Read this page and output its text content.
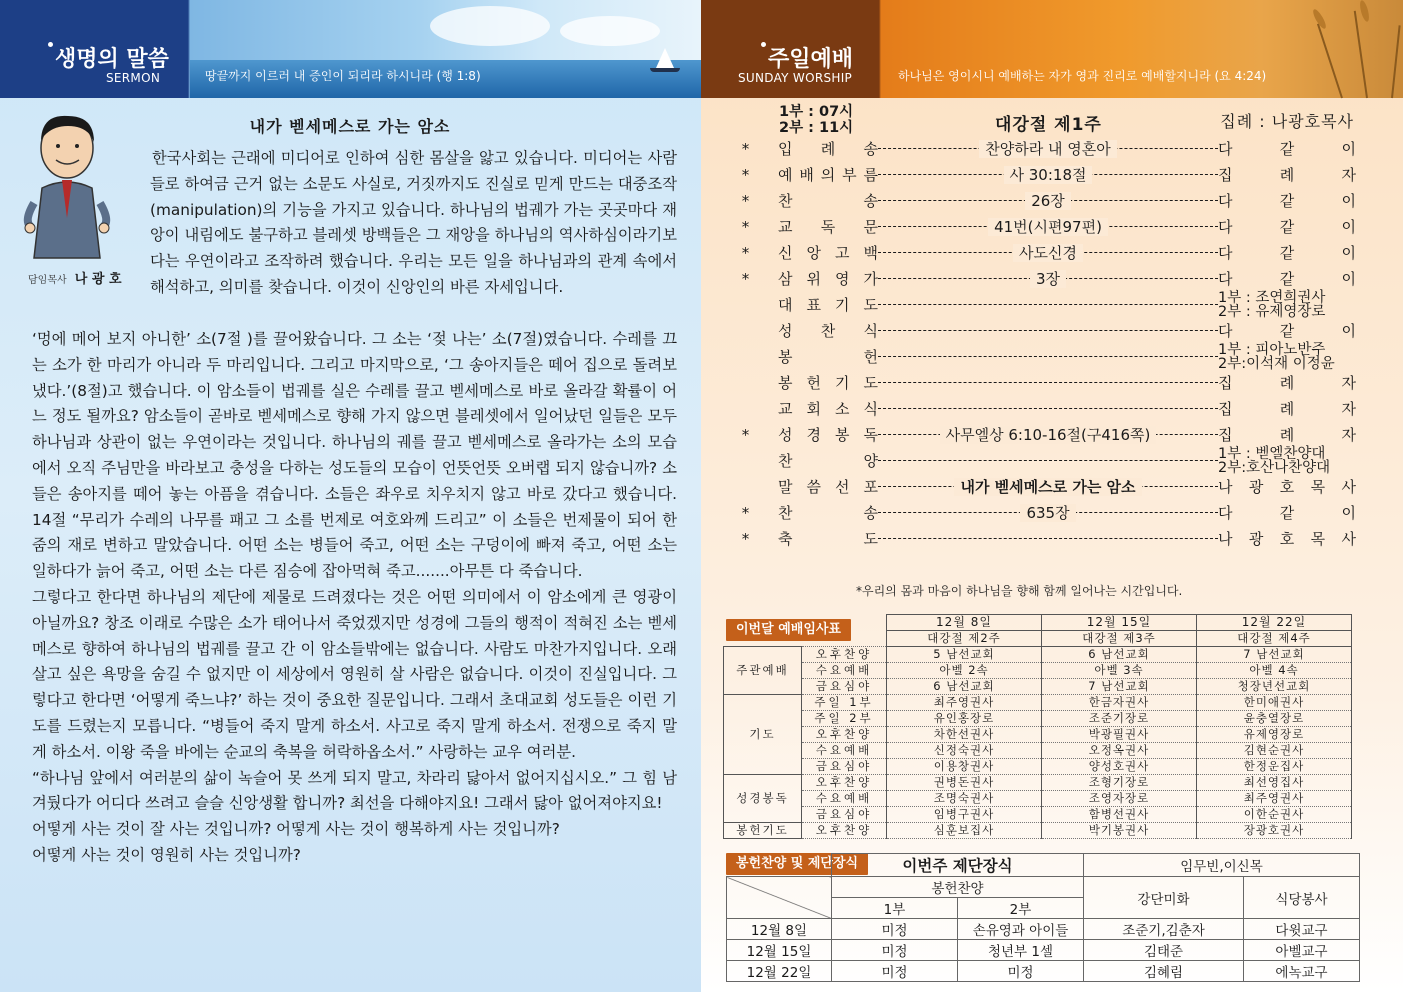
생명의 말씀
SERMON	땅끝까지 이르러 내 증인이 되리라 하시니라 (행 1:8)
담임목사 나 광 호
내가 벧세메스로 가는 암소

한국사회는 근래에 미디어로 인하여 심한 몸살을 앓고 있습니다. 미디어는 사람들로 하여금 근거 없는 소문도 사실로, 거짓까지도 진실로 믿게 만드는 대중조작(manipulation)의 기능을 가지고 있습니다. 하나님의 법궤가 가는 곳곳마다 재앙이 내림에도 불구하고 블레셋 방백들은 그 재앙을 하나님의 역사하심이라기보다는 우연이라고 조작하려 했습니다. 우리는 모든 일을 하나님과의 관계 속에서 해석하고, 의미를 찾습니다. 이것이 신앙인의 바른 자세입니다.

‘멍에 메어 보지 아니한’ 소(7절 )를 끌어왔습니다. 그 소는 ‘젖 나는’ 소(7절)였습니다. 수레를 끄는 소가 한 마리가 아니라 두 마리입니다. 그리고 마지막으로, ‘그 송아지들은 떼어 집으로 돌려보냈다.’(8절)고 했습니다. 이 암소들이 법궤를 실은 수레를 끌고 벧세메스로 바로 올라갈 확률이 어느 정도 될까요? 암소들이 곧바로 벧세메스로 향해 가지 않으면 블레셋에서 일어났던 일들은 모두 하나님과 상관이 없는 우연이라는 것입니다. 하나님의 궤를 끌고 벧세메스로 올라가는 소의 모습에서 오직 주님만을 바라보고 충성을 다하는 성도들의 모습이 언뜻언뜻 오버랩 되지 않습니까? 소들은 송아지를 떼어 놓는 아픔을 겪습니다. 소들은 좌우로 치우치지 않고 바로 갔다고 했습니다. 14절 “무리가 수레의 나무를 패고 그 소를 번제로 여호와께 드리고” 이 소들은 번제물이 되어 한줌의 재로 변하고 말았습니다. 어떤 소는 병들어 죽고, 어떤 소는 구덩이에 빠져 죽고, 어떤 소는 일하다가 늙어 죽고, 어떤 소는 다른 짐승에 잡아먹혀 죽고.......아무튼 다 죽습니다.

그렇다고 한다면 하나님의 제단에 제물로 드려졌다는 것은 어떤 의미에서 이 암소에게 큰 영광이 아닐까요? 창조 이래로 수많은 소가 태어나서 죽었겠지만 성경에 그들의 행적이 적혀진 소는 벧세메스로 향하여 하나님의 법궤를 끌고 간 이 암소들밖에는 없습니다. 사람도 마찬가지입니다. 오래살고 싶은 욕망을 숨길 수 없지만 이 세상에서 영원히 살 사람은 없습니다. 이것이 진실입니다. 그렇다고 한다면 ‘어떻게 죽느냐?’ 하는 것이 중요한 질문입니다. 그래서 초대교회 성도들은 이런 기도를 드렸는지 모릅니다. “병들어 죽지 말게 하소서. 사고로 죽지 말게 하소서. 전쟁으로 죽지 말게 하소서. 이왕 죽을 바에는 순교의 축복을 허락하옵소서.” 사랑하는 교우 여러분.

“하나님 앞에서 여러분의 삶이 녹슬어 못 쓰게 되지 말고, 차라리 닳아서 없어지십시오.” 그 힘 남겨뒀다가 어디다 쓰려고 슬슬 신앙생활 합니까? 최선을 다해야지요! 그래서 닳아 없어져야지요!

어떻게 사는 것이 잘 사는 것입니까? 어떻게 사는 것이 행복하게 사는 것입니까?

어떻게 사는 것이 영원히 사는 것입니까?

주일예배
SUNDAY WORSHIP	하나님은 영이시니 예배하는 자가 영과 진리로 예배할지니라 (요 4:24)
1부 : 07시
2부 : 11시	대강절 제1주	집례 : 나광호목사
* 입 례 송	찬양하라 내 영혼아	다	같	이
* 예 배 의 부 름	사 30:18절	집	례	자
* 찬	송	26장	다	같	이
* 교 독 문	41번(시편97편)	다	같	이
* 신 앙 고 백	사도신경	다	같	이
* 삼 위 영 가	3장	다	같	이
대 표 기 도	1부 : 조연희권사
2부 : 유제영장로
성 찬 식	다	같	이
봉	헌	1부 : 피아노반주
2부:이석재 이정윤
봉 헌 기 도	집	례	자
교 회 소 식	집	례	자
* 성 경 봉 독	사무엘상 6:10-16절(구416쪽)	집	례	자
찬	양	1부 : 벧엘찬양대
2부:호산나찬양대
말 씀 선 포	내가 벧세메스로 가는 암소	나 광 호 목 사
* 찬	송	635장	다	같	이
* 축	도	나 광 호 목 사
*우리의 몸과 마음이 하나님을 향해 함께 일어나는 시간입니다.
이번달 예배임사표
		12월 8일	12월 15일	12월 22일
		대강절 제2주	대강절 제3주	대강절 제4주
주관예배	오후찬양	5 남선교회	6 남선교회	7 남선교회
	수요예배	아벨 2속	아벨 3속	아벨 4속
	금요심야	6 남선교회	7 남선교회	청장년선교회
기도	주일 1부	최주영권사	한금자권사	한미애권사
	주일 2부	유인홍장로	조준기장로	윤충열장로
	오후찬양	차한선권사	박광필권사	유제영장로
	수요예배	신정숙권사	오정옥권사	김현순권사
	금요심야	이용창권사	양성호권사	한정운집사
성경봉독	오후찬양	권병돈권사	조형기장로	최선영집사
	수요예배	조명숙권사	조영자장로	최주영권사
	금요심야	임병구권사	함병선권사	이한순권사
봉헌기도	오후찬양	심훈보집사	박기봉권사	장광호권사
봉헌찬양 및 제단장식
		이번주 제단장식		임무빈,이신목	
	봉헌찬양		강단미화	식당봉사
	1부	2부		
12월 8일	미정	손유영과 아이들	조준기,김춘자	다윗교구
12월 15일	미정	청년부 1셀	김태준	아벨교구
12월 22일	미정	미정	김혜림	에녹교구
